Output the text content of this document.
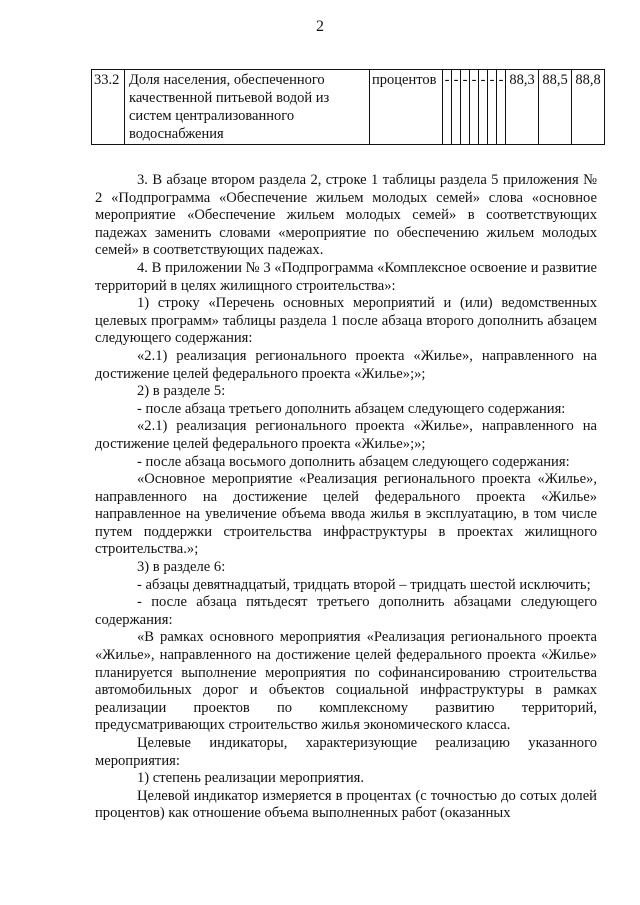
2
33.2	Доля населения, обеспеченного качественной питьевой водой из систем централизованного водоснабжения	процентов	-	-	-	-	-	-	-	88,3	88,5	88,8

3. В абзаце втором раздела 2, строке 1 таблицы раздела 5 приложения № 2 «Подпрограмма «Обеспечение жильем молодых семей» слова «основное мероприятие «Обеспечение жильем молодых семей» в соответствующих падежах заменить словами «мероприятие по обеспечению жильем молодых семей» в соответствующих падежах.

4. В приложении № 3 «Подпрограмма «Комплексное освоение и развитие территорий в целях жилищного строительства»:

1) строку «Перечень основных мероприятий и (или) ведомственных целевых программ» таблицы раздела 1 после абзаца второго дополнить абзацем следующего содержания:

«2.1) реализация регионального проекта «Жилье», направленного на достижение целей федерального проекта «Жилье»;»;

2) в разделе 5:

- после абзаца третьего дополнить абзацем следующего содержания:

«2.1) реализация регионального проекта «Жилье», направленного на достижение целей федерального проекта «Жилье»;»;

- после абзаца восьмого дополнить абзацем следующего содержания:

«Основное мероприятие «Реализация регионального проекта «Жилье», направленного на достижение целей федерального проекта «Жилье» направленное на увеличение объема ввода жилья в эксплуатацию, в том числе путем поддержки строительства инфраструктуры в проектах жилищного строительства.»;

3) в разделе 6:

- абзацы девятнадцатый, тридцать второй – тридцать шестой исключить;

- после абзаца пятьдесят третьего дополнить абзацами следующего содержания:

«В рамках основного мероприятия «Реализация регионального проекта «Жилье», направленного на достижение целей федерального проекта «Жилье» планируется выполнение мероприятия по софинансированию строительства автомобильных дорог и объектов социальной инфраструктуры в рамках реализации проектов по комплексному развитию территорий, предусматривающих строительство жилья экономического класса.

Целевые индикаторы, характеризующие реализацию указанного мероприятия:

1) степень реализации мероприятия.

Целевой индикатор измеряется в процентах (с точностью до сотых долей процентов) как отношение объема выполненных работ (оказанных
